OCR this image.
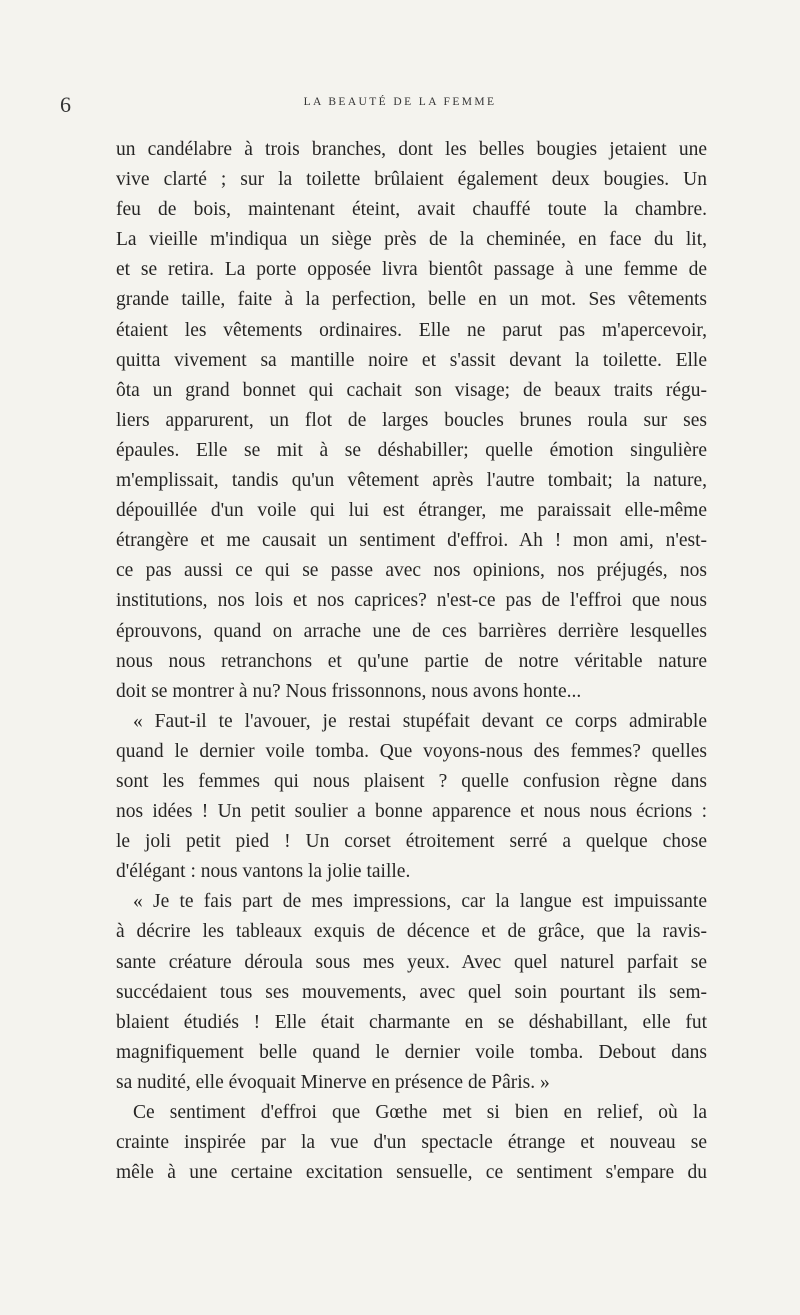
6	LA BEAUTÉ DE LA FEMME
un candélabre à trois branches, dont les belles bougies jetaient une
vive clarté ; sur la toilette brûlaient également deux bougies. Un
feu de bois, maintenant éteint, avait chauffé toute la chambre.
La vieille m'indiqua un siège près de la cheminée, en face du lit,
et se retira. La porte opposée livra bientôt passage à une femme de
grande taille, faite à la perfection, belle en un mot. Ses vêtements
étaient les vêtements ordinaires. Elle ne parut pas m'apercevoir,
quitta vivement sa mantille noire et s'assit devant la toilette. Elle
ôta un grand bonnet qui cachait son visage; de beaux traits régu-
liers apparurent, un flot de larges boucles brunes roula sur ses
épaules. Elle se mit à se déshabiller; quelle émotion singulière
m'emplissait, tandis qu'un vêtement après l'autre tombait; la nature,
dépouillée d'un voile qui lui est étranger, me paraissait elle-même
étrangère et me causait un sentiment d'effroi. Ah ! mon ami, n'est-
ce pas aussi ce qui se passe avec nos opinions, nos préjugés, nos
institutions, nos lois et nos caprices? n'est-ce pas de l'effroi que nous
éprouvons, quand on arrache une de ces barrières derrière lesquelles
nous nous retranchons et qu'une partie de notre véritable nature
doit se montrer à nu? Nous frissonnons, nous avons honte...
« Faut-il te l'avouer, je restai stupéfait devant ce corps admirable
quand le dernier voile tomba. Que voyons-nous des femmes? quelles
sont les femmes qui nous plaisent ? quelle confusion règne dans
nos idées ! Un petit soulier a bonne apparence et nous nous écrions :
le joli petit pied ! Un corset étroitement serré a quelque chose
d'élégant : nous vantons la jolie taille.
« Je te fais part de mes impressions, car la langue est impuissante
à décrire les tableaux exquis de décence et de grâce, que la ravis-
sante créature déroula sous mes yeux. Avec quel naturel parfait se
succédaient tous ses mouvements, avec quel soin pourtant ils sem-
blaient étudiés ! Elle était charmante en se déshabillant, elle fut
magnifiquement belle quand le dernier voile tomba. Debout dans
sa nudité, elle évoquait Minerve en présence de Pâris. »
Ce sentiment d'effroi que Gœthe met si bien en relief, où la
crainte inspirée par la vue d'un spectacle étrange et nouveau se
mêle à une certaine excitation sensuelle, ce sentiment s'empare du
